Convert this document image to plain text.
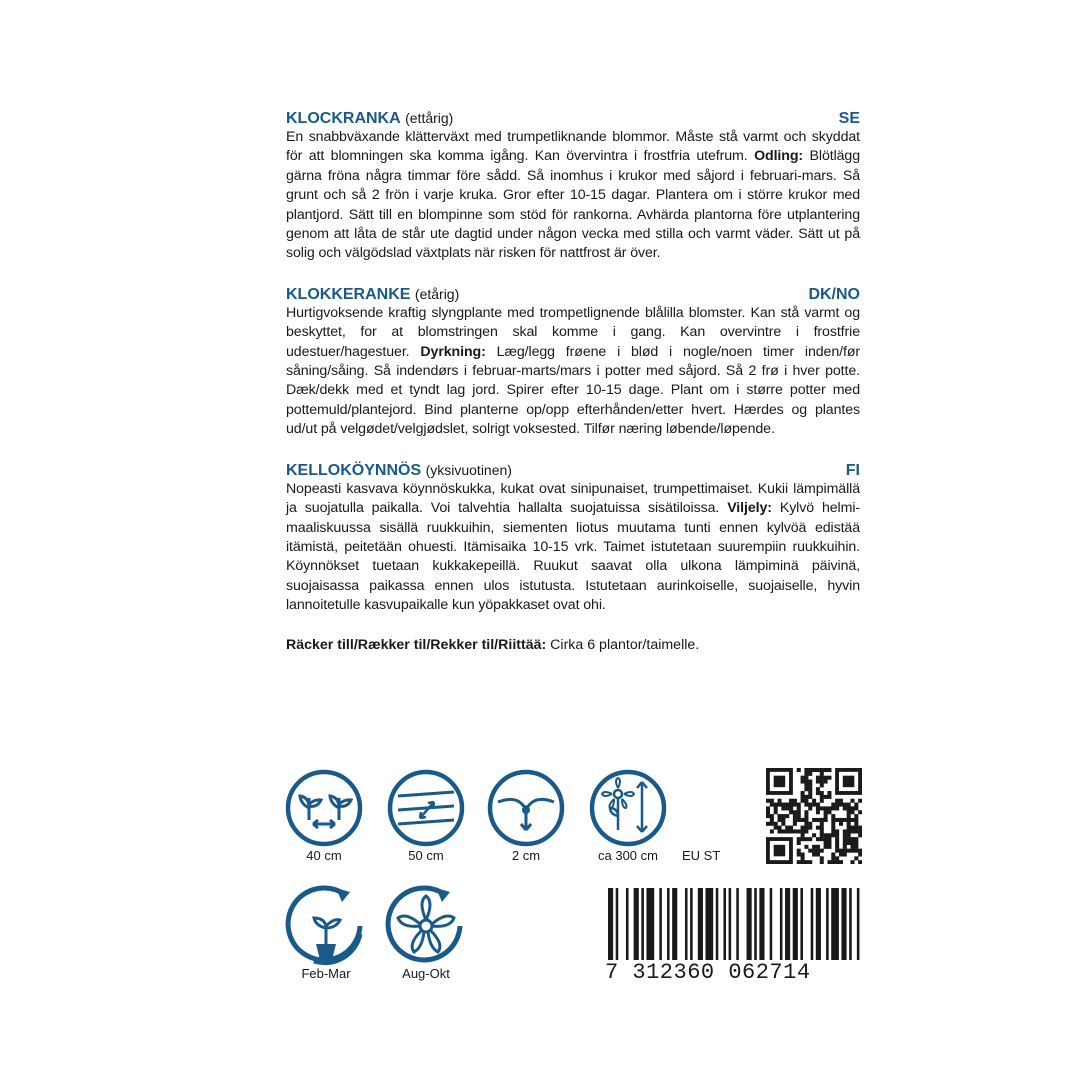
KLOCKRANKA (ettårig)	SE
En snabbväxande klätterväxt med trumpetliknande blommor. Måste stå varmt och skyddat för att blomningen ska komma igång. Kan övervintra i frostfria utefrum. Odling: Blötlägg gärna fröna några timmar före sådd. Så inomhus i krukor med såjord i februari-mars. Så grunt och så 2 frön i varje kruka. Gror efter 10-15 dagar. Plantera om i större krukor med plantjord. Sätt till en blompinne som stöd för rankorna. Avhärda plantorna före utplantering genom att låta de står ute dagtid under någon vecka med stilla och varmt väder. Sätt ut på solig och välgödslad växtplats när risken för nattfrost är över.
KLOKKERANKE (etårig)	DK/NO
Hurtigvoksende kraftig slyngplante med trompetlignende blålilla blomster. Kan stå varmt og beskyttet, for at blomstringen skal komme i gang. Kan overvintre i frostfrie udestuer/hagestuer. Dyrkning: Læg/legg frøene i blød i nogle/noen timer inden/før såning/såing. Så indendørs i februar-marts/mars i potter med såjord. Så 2 frø i hver potte. Dæk/dekk med et tyndt lag jord. Spirer efter 10-15 dage. Plant om i større potter med pottemuld/plantejord. Bind planterne op/opp efterhånden/etter hvert. Hærdes og plantes ud/ut på velgødet/velgjødslet, solrigt voksested. Tilfør næring løbende/løpende.
KELLOKÖYNNÖS (yksivuotinen)	FI
Nopeasti kasvava köynnöskukka, kukat ovat sinipunaiset, trumpettimaiset. Kukii lämpimällä ja suojatulla paikalla. Voi talvehtia hallalta suojatuissa sisätiloissa. Viljely: Kylvö helmi-maaliskuussa sisällä ruukkuihin, siementen liotus muutama tunti ennen kylvöä edistää itämistä, peitetään ohuesti. Itämisaika 10-15 vrk. Taimet istutetaan suurempiin ruukkuihin. Köynnökset tuetaan kukkakepeillä. Ruukut saavat olla ulkona lämpiminä päivinä, suojaisassa paikassa ennen ulos istutusta. Istutetaan aurinkoiselle, suojaiselle, hyvin lannoitetulle kasvupaikalle kun yöpakkaset ovat ohi.
Räcker till/Rækker til/Rekker til/Riittää: Cirka 6 plantor/taimelle.
40 cm	50 cm	2 cm	ca 300 cm	EU ST
Feb-Mar	Aug-Okt	7 312360 062714
